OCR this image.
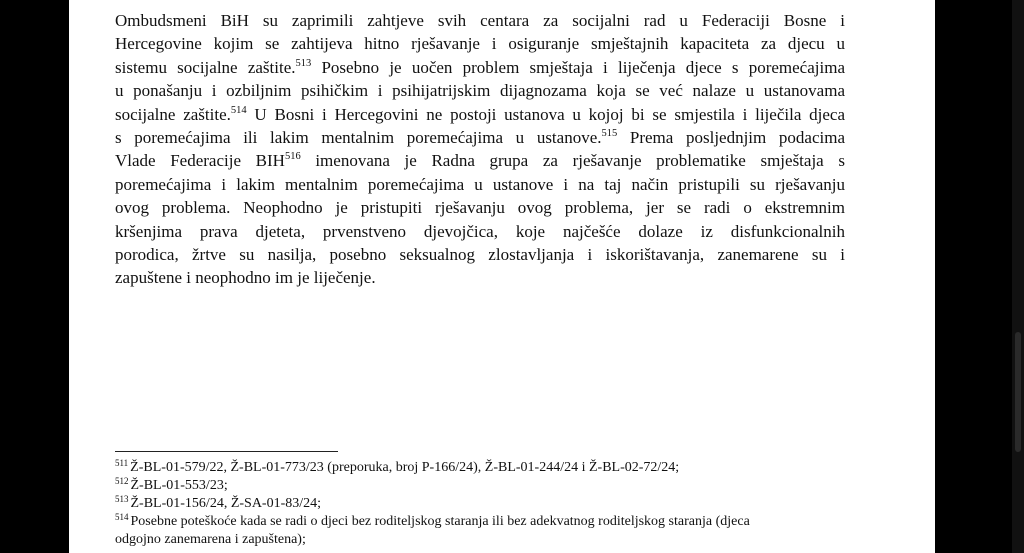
Ombudsmeni BiH su zaprimili zahtjeve svih centara za socijalni rad u Federaciji Bosne i
Hercegovine kojim se zahtijeva hitno rješavanje i osiguranje smještajnih kapaciteta za djecu u
sistemu socijalne zaštite.$^{513}$ Posebno je uočen problem smještaja i liječenja djece s poremećajima
u ponašanju i ozbiljnim psihičkim i psihijatrijskim dijagnozama koja se već nalaze u ustanovama
socijalne zaštite.$^{514}$ U Bosni i Hercegovini ne postoji ustanova u kojoj bi se smjestila i liječila djeca
s poremećajima ili lakim mentalnim poremećajima u ustanove.$^{515}$ Prema posljednjim podacima
Vlade Federacije BIH$^{516}$ imenovana je Radna grupa za rješavanje problematike smještaja s
poremećajima i lakim mentalnim poremećajima u ustanove i na taj način pristupili su rješavanju
ovog problema. Neophodno je pristupiti rješavanju ovog problema, jer se radi o ekstremnim
kršenjima prava djeteta, prvenstveno djevojčica, koje najčešće dolaze iz disfunkcionalnih
porodica, žrtve su nasilja, posebno seksualnog zlostavljanja i iskorištavanja, zanemarene su i
zapuštene i neophodno im je liječenje.
$^{511}$ Ž-BL-01-579/22, Ž-BL-01-773/23 (preporuka, broj P-166/24), Ž-BL-01-244/24 i Ž-BL-02-72/24;
$^{512}$ Ž-BL-01-553/23;
$^{513}$ Ž-BL-01-156/24, Ž-SA-01-83/24;
$^{514}$ Posebne poteškoće kada se radi o djeci bez roditeljskog staranja ili bez adekvatnog roditeljskog staranja (djeca
odgojno zanemarena i zapuštena);
